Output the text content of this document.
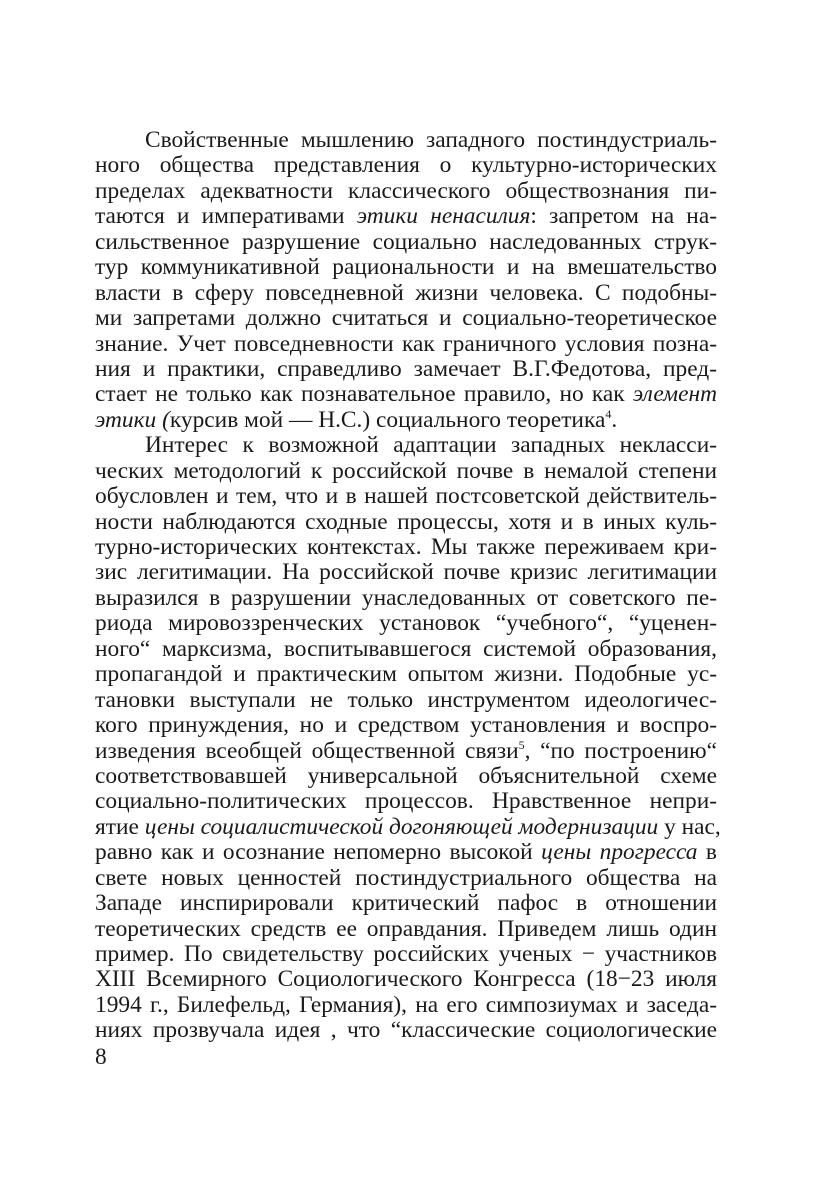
Свойственные мышлению западного постиндустриаль-
ного общества представления о культурно-исторических
пределах адекватности классического обществознания пи-
таются и императивами этики ненасилия: запретом на на-
сильственное разрушение социально наследованных струк-
тур коммуникативной рациональности и на вмешательство
власти в сферу повседневной жизни человека. С подобны-
ми запретами должно считаться и социально-теоретическое
знание. Учет повседневности как граничного условия позна-
ния и практики, справедливо замечает В.Г.Федотова, пред-
стает не только как познавательное правило, но как элемент
этики (курсив мой — Н.С.) социального теоретика$^4$.
Интерес к возможной адаптации западных некласси-
ческих методологий к российской почве в немалой степени
обусловлен и тем, что и в нашей постсоветской действитель-
ности наблюдаются сходные процессы, хотя и в иных куль-
турно-исторических контекстах. Мы также переживаем кри-
зис легитимации. На российской почве кризис легитимации
выразился в разрушении унаследованных от советского пе-
риода мировоззренческих установок “учебного“, “уценен-
ного“ марксизма, воспитывавшегося системой образования,
пропагандой и практическим опытом жизни. Подобные ус-
тановки выступали не только инструментом идеологичес-
кого принуждения, но и средством установления и воспро-
изведения всеобщей общественной связи$^5$, “по построению“
соответствовавшей универсальной объяснительной схеме
социально-политических процессов. Нравственное непри-
ятие цены социалистической догоняющей модернизации у нас,
равно как и осознание непомерно высокой цены прогресса в
свете новых ценностей постиндустриального общества на
Западе инспирировали критический пафос в отношении
теоретических средств ее оправдания. Приведем лишь один
пример. По свидетельству российских ученых − участников
XIII Всемирного Социологического Конгресса (18−23 июля
1994 г., Билефельд, Германия), на его симпозиумах и заседа-
ниях прозвучала идея , что “классические социологические
8
